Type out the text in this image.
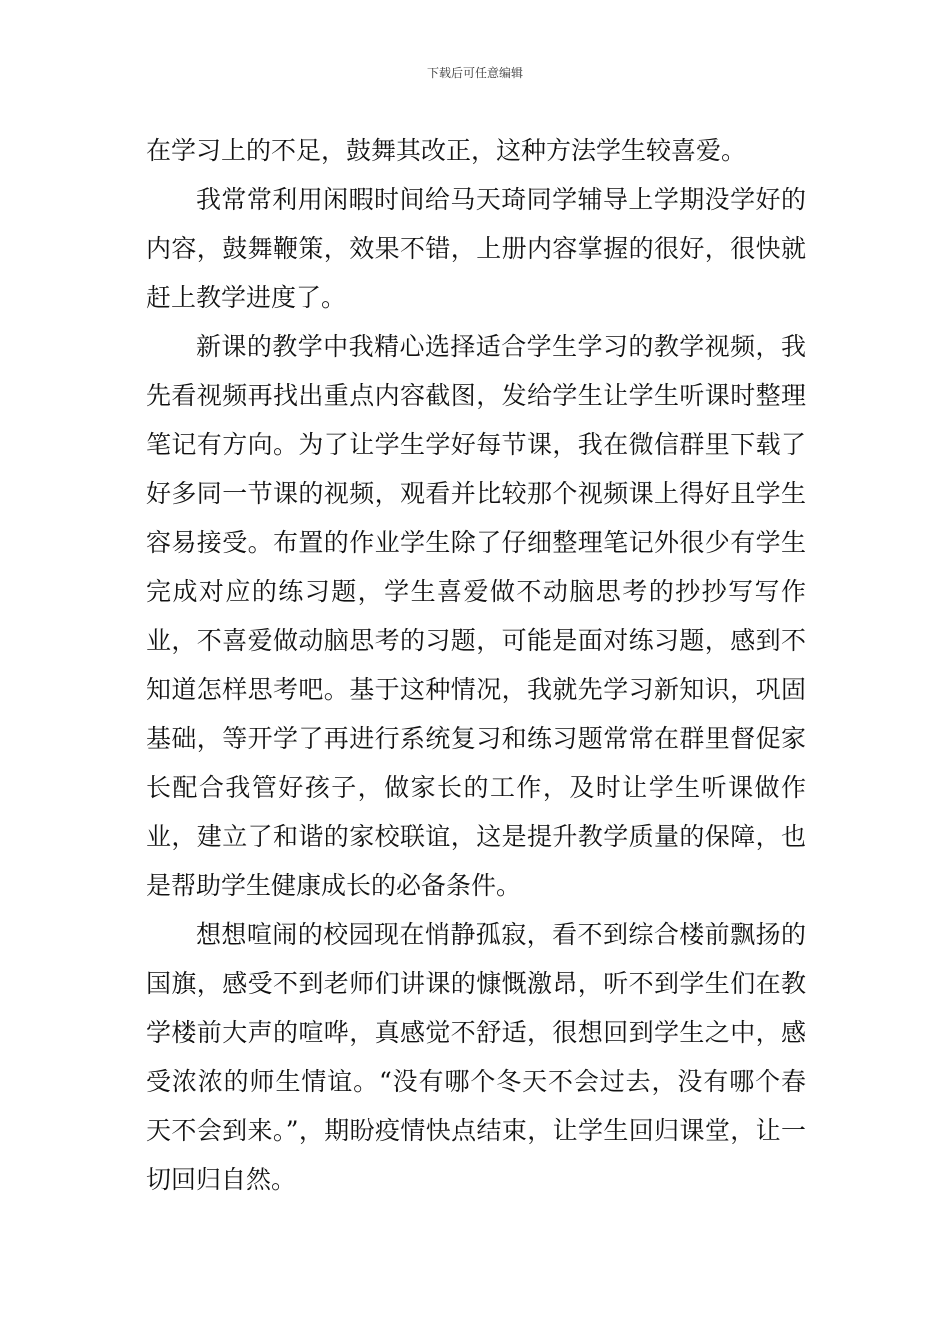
下载后可任意编辑

在学习上的不足，鼓舞其改正，这种方法学生较喜爱。

我常常利用闲暇时间给马天琦同学辅导上学期没学好的内容，鼓舞鞭策，效果不错，上册内容掌握的很好，很快就赶上教学进度了。

新课的教学中我精心选择适合学生学习的教学视频，我先看视频再找出重点内容截图，发给学生让学生听课时整理笔记有方向。为了让学生学好每节课，我在微信群里下载了好多同一节课的视频，观看并比较那个视频课上得好且学生容易接受。布置的作业学生除了仔细整理笔记外很少有学生完成对应的练习题，学生喜爱做不动脑思考的抄抄写写作业，不喜爱做动脑思考的习题，可能是面对练习题，感到不知道怎样思考吧。基于这种情况，我就先学习新知识，巩固基础，等开学了再进行系统复习和练习题常常在群里督促家长配合我管好孩子，做家长的工作，及时让学生听课做作业，建立了和谐的家校联谊，这是提升教学质量的保障，也是帮助学生健康成长的必备条件。

想想喧闹的校园现在悄静孤寂，看不到综合楼前飘扬的国旗，感受不到老师们讲课的慷慨激昂，听不到学生们在教学楼前大声的喧哗，真感觉不舒适，很想回到学生之中，感受浓浓的师生情谊。“没有哪个冬天不会过去，没有哪个春天不会到来。”，期盼疫情快点结束，让学生回归课堂，让一切回归自然。
